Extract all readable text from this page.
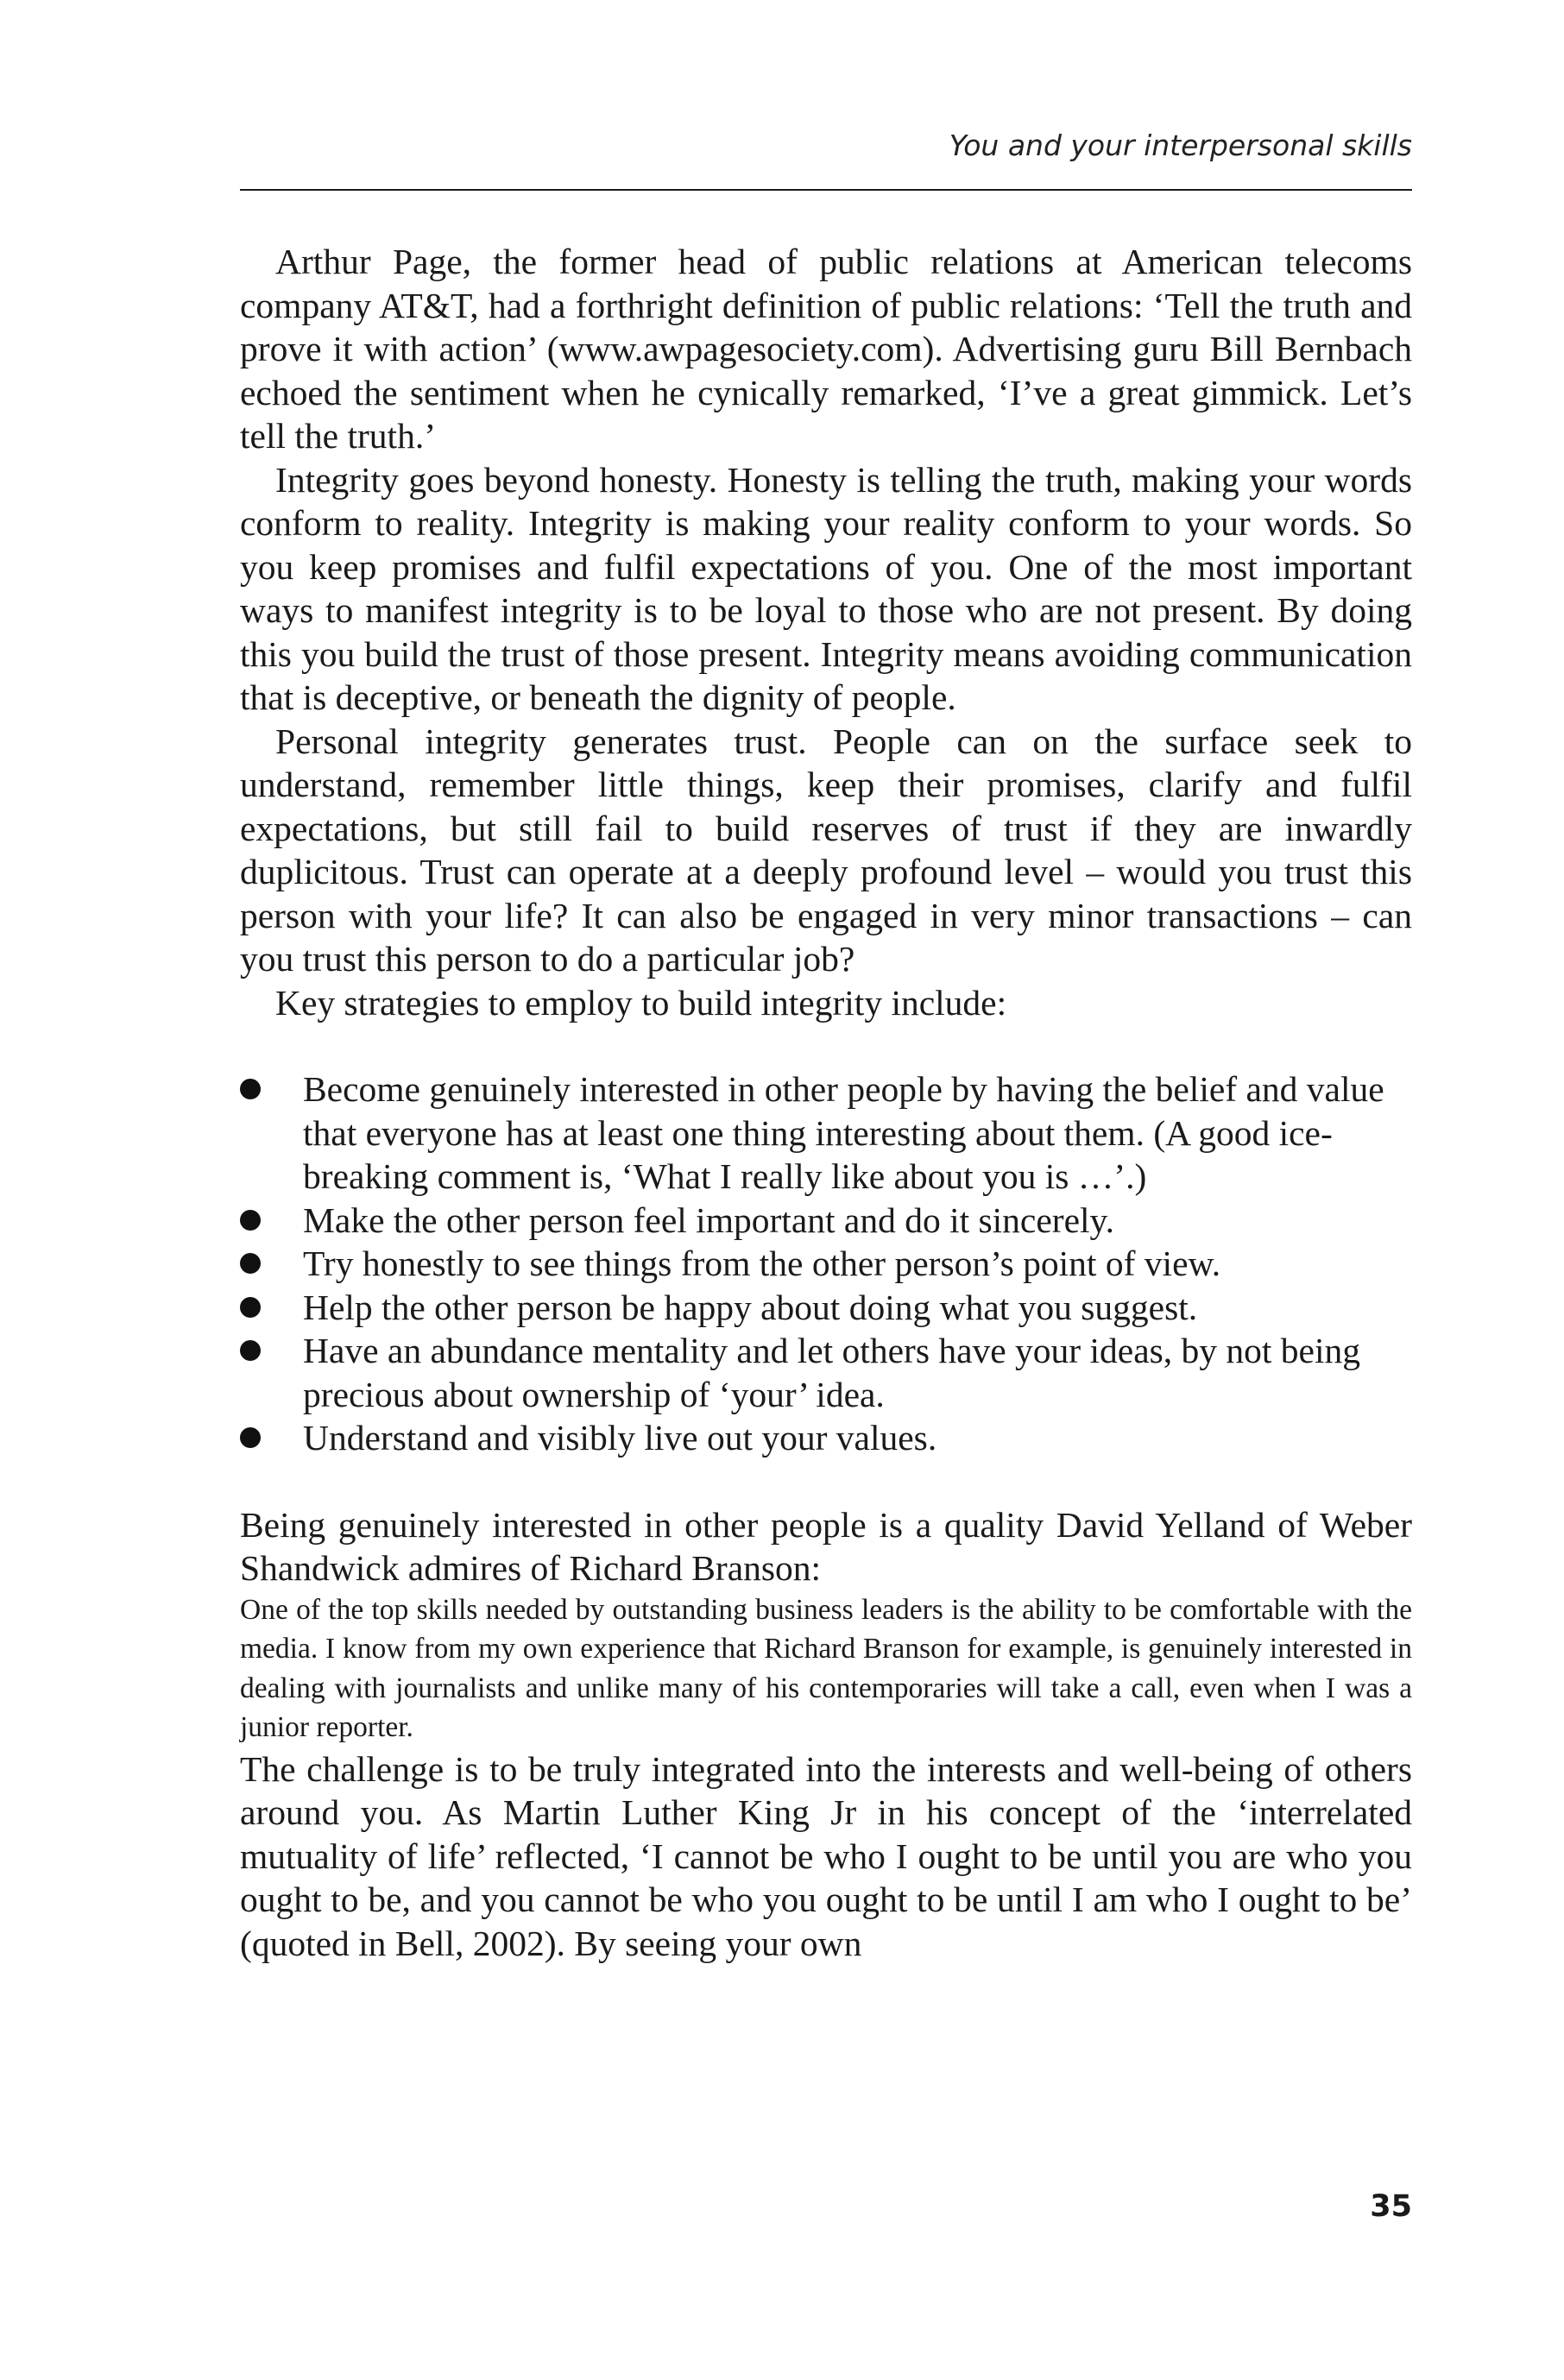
You and your interpersonal skills

Arthur Page, the former head of public relations at American telecoms company AT&T, had a forthright definition of public relations: ‘Tell the truth and prove it with action’ (www.awpagesociety.com). Advertising guru Bill Bernbach echoed the sentiment when he cynically remarked, ‘I’ve a great gimmick. Let’s tell the truth.’

Integrity goes beyond honesty. Honesty is telling the truth, making your words conform to reality. Integrity is making your reality conform to your words. So you keep promises and fulfil expectations of you. One of the most important ways to manifest integrity is to be loyal to those who are not present. By doing this you build the trust of those present. Integrity means avoiding communication that is deceptive, or beneath the dignity of people.

Personal integrity generates trust. People can on the surface seek to understand, remember little things, keep their promises, clarify and fulfil expectations, but still fail to build reserves of trust if they are inwardly duplicitous. Trust can operate at a deeply profound level – would you trust this person with your life? It can also be engaged in very minor transactions – can you trust this person to do a particular job?

Key strategies to employ to build integrity include:

Become genuinely interested in other people by having the belief and value that everyone has at least one thing interesting about them. (A good ice-breaking comment is, ‘What I really like about you is …’.)
Make the other person feel important and do it sincerely.
Try honestly to see things from the other person’s point of view.
Help the other person be happy about doing what you suggest.
Have an abundance mentality and let others have your ideas, by not being precious about ownership of ‘your’ idea.
Understand and visibly live out your values.

Being genuinely interested in other people is a quality David Yelland of Weber Shandwick admires of Richard Branson:

One of the top skills needed by outstanding business leaders is the ability to be comfortable with the media. I know from my own experience that Richard Branson for example, is genuinely interested in dealing with journalists and unlike many of his contemporaries will take a call, even when I was a junior reporter.

The challenge is to be truly integrated into the interests and well-being of others around you. As Martin Luther King Jr in his concept of the ‘interrelated mutuality of life’ reflected, ‘I cannot be who I ought to be until you are who you ought to be, and you cannot be who you ought to be until I am who I ought to be’ (quoted in Bell, 2002). By seeing your own

35
